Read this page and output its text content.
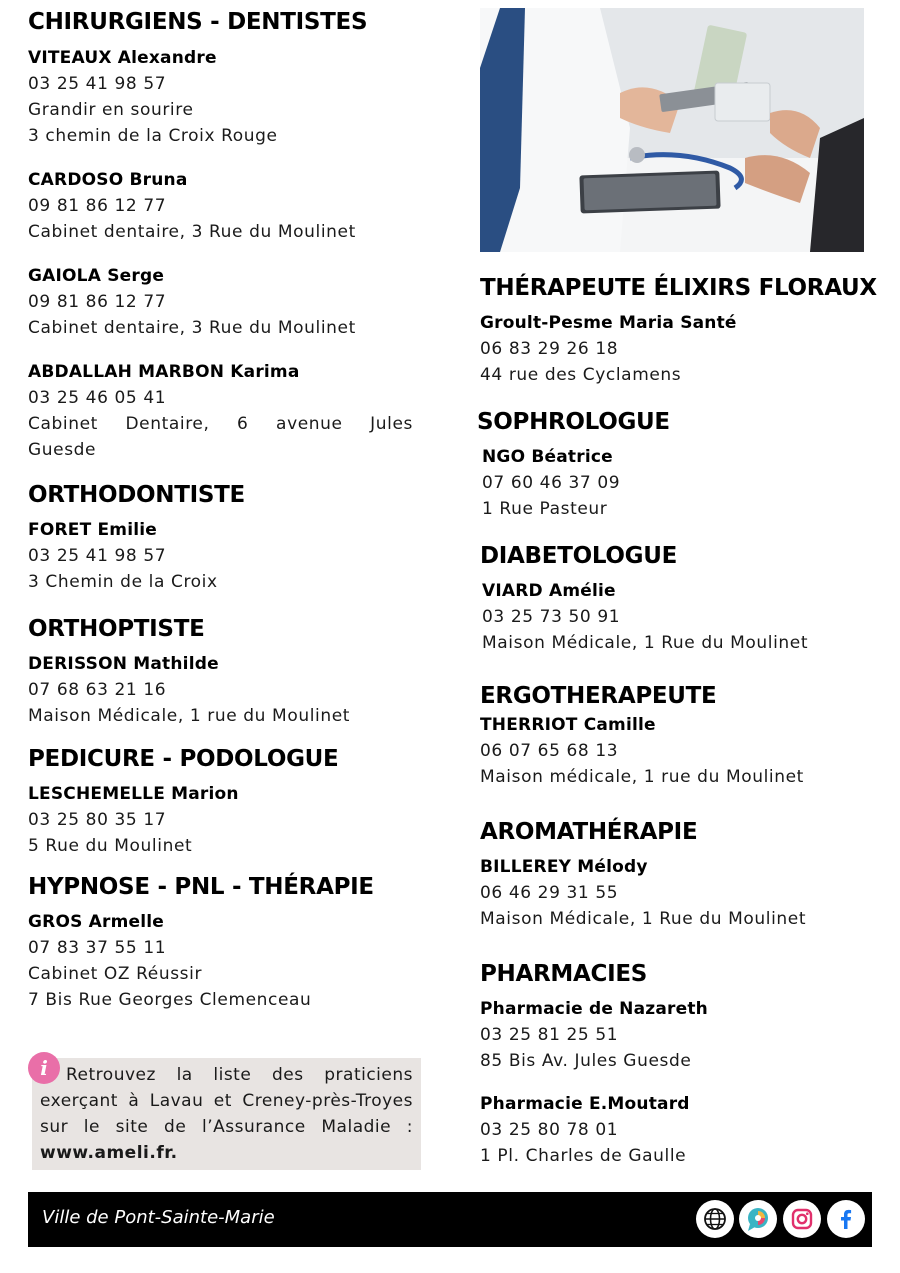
CHIRURGIENS - DENTISTES
VITEAUX Alexandre
03 25 41 98 57
Grandir en sourire
3 chemin de la Croix Rouge
CARDOSO Bruna
09 81 86 12 77
Cabinet dentaire, 3 Rue du Moulinet
GAIOLA Serge
09 81 86 12 77
Cabinet dentaire, 3 Rue du Moulinet
ABDALLAH MARBON Karima
03 25 46 05 41
Cabinet Dentaire, 6 avenue Jules Guesde
ORTHODONTISTE
FORET Emilie
03 25 41 98 57
3 Chemin de la Croix
ORTHOPTISTE
DERISSON Mathilde
07 68 63 21 16
Maison Médicale, 1 rue du Moulinet
PEDICURE - PODOLOGUE
LESCHEMELLE Marion
03 25 80 35 17
5 Rue du Moulinet
HYPNOSE - PNL - THÉRAPIE
GROS Armelle
07 83 37 55 11
Cabinet OZ Réussir
7 Bis Rue Georges Clemenceau
i	Retrouvez la liste des praticiens exerçant à Lavau et Creney-près-Troyes sur le site de l’Assurance Maladie : www.ameli.fr.

THÉRAPEUTE ÉLIXIRS FLORAUX
Groult-Pesme Maria Santé
06 83 29 26 18
44 rue des Cyclamens
SOPHROLOGUE
NGO Béatrice
07 60 46 37 09
1 Rue Pasteur
DIABETOLOGUE
VIARD Amélie
03 25 73 50 91
Maison Médicale, 1 Rue du Moulinet
ERGOTHERAPEUTE
THERRIOT Camille
06 07 65 68 13
Maison médicale, 1 rue du Moulinet
AROMATHÉRAPIE
BILLEREY Mélody
06 46 29 31 55
Maison Médicale, 1 Rue du Moulinet
PHARMACIES
Pharmacie de Nazareth
03 25 81 25 51
85 Bis Av. Jules Guesde
Pharmacie E.Moutard
03 25 80 78 01
1 Pl. Charles de Gaulle
Ville de Pont-Sainte-Marie
